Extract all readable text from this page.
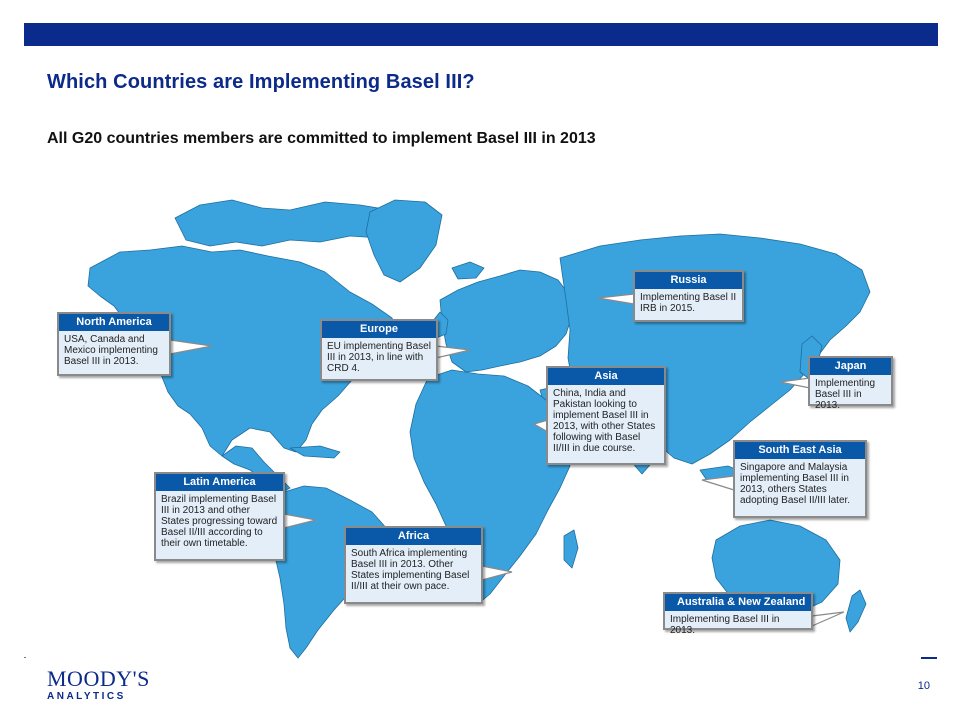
Which Countries are Implementing Basel III?

All G20 countries members are committed to implement Basel III in 2013

North America
USA, Canada and Mexico implementing Basel III in 2013.
Europe
EU implementing Basel III in 2013, in line with CRD 4.
Russia
Implementing Basel II IRB in 2015.
Japan
Implementing Basel III in 2013.
Asia
China, India and Pakistan looking to implement Basel III in 2013, with other States following with Basel II/III in due course.	South East Asia
Singapore and Malaysia implementing Basel III in 2013, others States adopting Basel II/III later.
Latin America
Brazil implementing Basel III in 2013 and other States progressing toward Basel II/III according to their own timetable.
Africa
South Africa implementing Basel III in 2013. Other States implementing Basel II/III at their own pace.
Australia & New Zealand
Implementing Basel III in 2013.
MOODY'S
ANALYTICS
10
